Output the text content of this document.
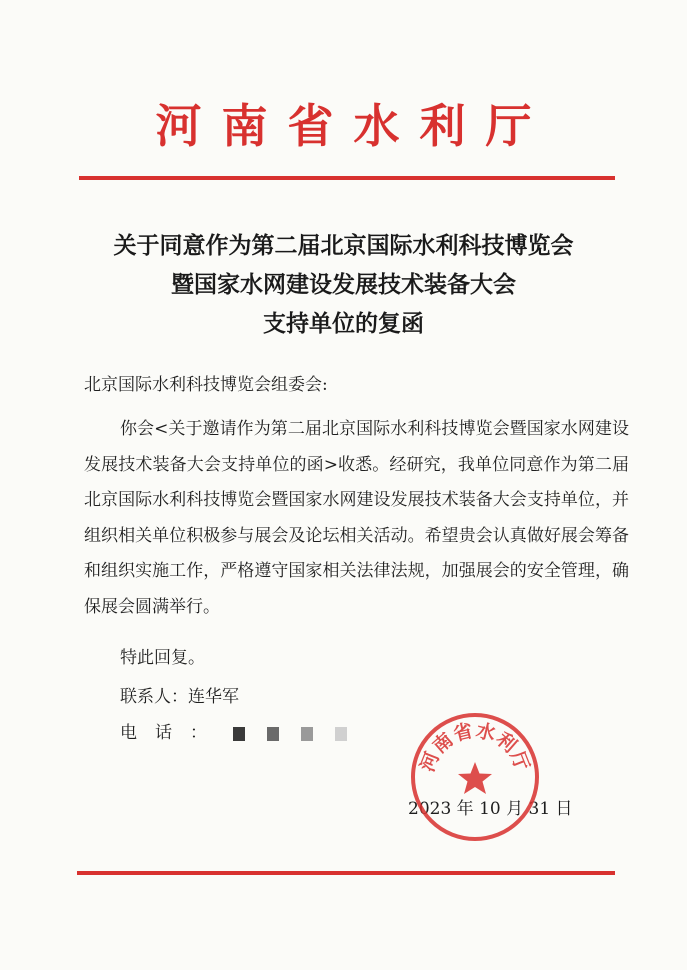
河南省水利厅
关于同意作为第二届北京国际水利科技博览会
暨国家水网建设发展技术装备大会
支持单位的复函
北京国际水利科技博览会组委会:
你会<关于邀请作为第二届北京国际水利科技博览会暨国家水网建设发展技术装备大会支持单位的函>收悉。经研究，我单位同意作为第二届北京国际水利科技博览会暨国家水网建设发展技术装备大会支持单位，并组织相关单位积极参与展会及论坛相关活动。希望贵会认真做好展会筹备和组织实施工作，严格遵守国家相关法律法规，加强展会的安全管理，确保展会圆满举行。
特此回复。
联系人：连华军
电话：
2023 年 10 月 31 日
河南省水利厅
